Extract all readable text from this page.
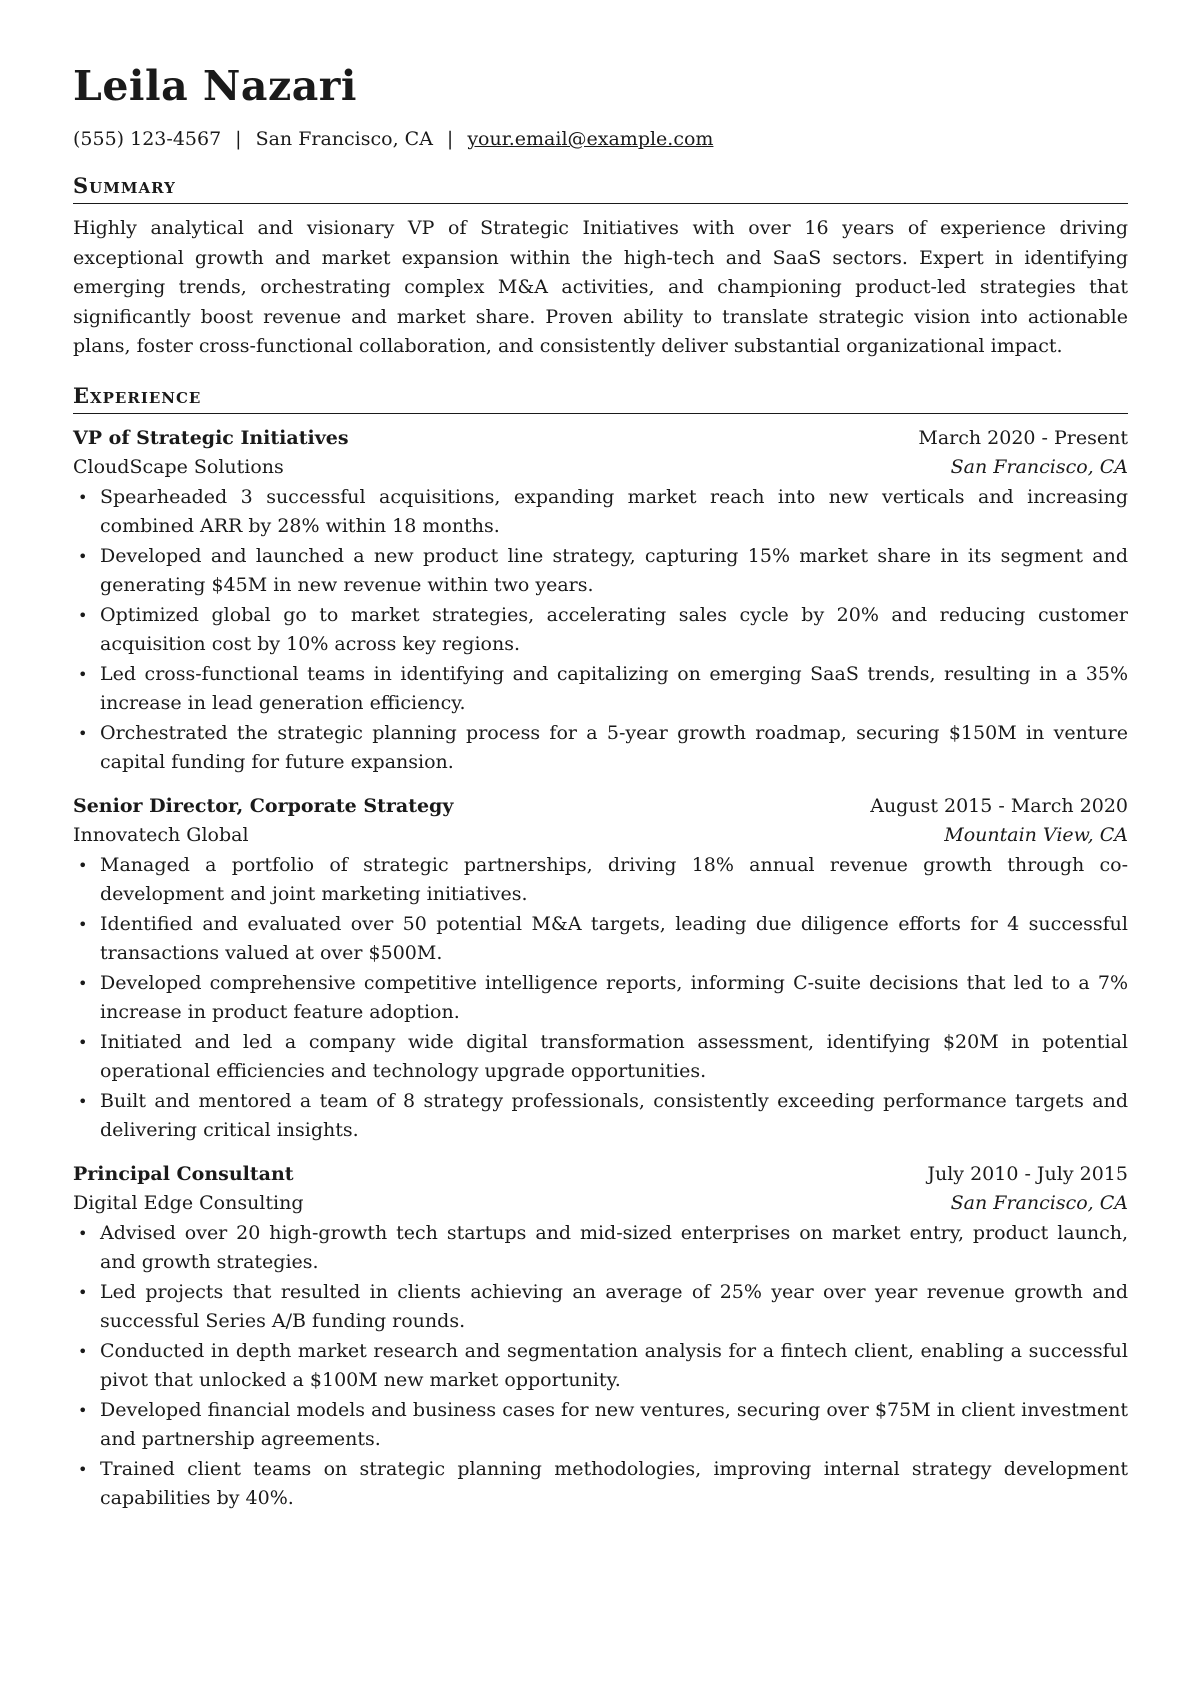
Leila Nazari
(555) 123-4567 | San Francisco, CA | your.email@example.com
Summary

Highly analytical and visionary VP of Strategic Initiatives with over 16 years of experience driving exceptional growth and market expansion within the high-tech and SaaS sectors. Expert in identifying emerging trends, orchestrating complex M&A activities, and championing product-led strategies that significantly boost revenue and market share. Proven ability to translate strategic vision into actionable plans, foster cross-functional collaboration, and consistently deliver substantial organizational impact.

Experience
VP of Strategic Initiatives	March 2020 - Present
CloudScape Solutions	San Francisco, CA
• Spearheaded 3 successful acquisitions, expanding market reach into new verticals and increasing combined ARR by 28% within 18 months.
• Developed and launched a new product line strategy, capturing 15% market share in its segment and generating $45M in new revenue within two years.
• Optimized global go to market strategies, accelerating sales cycle by 20% and reducing customer acquisition cost by 10% across key regions.
• Led cross-functional teams in identifying and capitalizing on emerging SaaS trends, resulting in a 35% increase in lead generation efficiency.
• Orchestrated the strategic planning process for a 5-year growth roadmap, securing $150M in venture capital funding for future expansion.
Senior Director, Corporate Strategy	August 2015 - March 2020
Innovatech Global	Mountain View, CA
• Managed a portfolio of strategic partnerships, driving 18% annual revenue growth through co-development and joint marketing initiatives.
• Identified and evaluated over 50 potential M&A targets, leading due diligence efforts for 4 successful transactions valued at over $500M.
• Developed comprehensive competitive intelligence reports, informing C-suite decisions that led to a 7% increase in product feature adoption.
• Initiated and led a company wide digital transformation assessment, identifying $20M in potential operational efficiencies and technology upgrade opportunities.
• Built and mentored a team of 8 strategy professionals, consistently exceeding performance targets and delivering critical insights.
Principal Consultant	July 2010 - July 2015
Digital Edge Consulting	San Francisco, CA
• Advised over 20 high-growth tech startups and mid-sized enterprises on market entry, product launch, and growth strategies.
• Led projects that resulted in clients achieving an average of 25% year over year revenue growth and successful Series A/B funding rounds.
• Conducted in depth market research and segmentation analysis for a fintech client, enabling a successful pivot that unlocked a $100M new market opportunity.
• Developed financial models and business cases for new ventures, securing over $75M in client investment and partnership agreements.
• Trained client teams on strategic planning methodologies, improving internal strategy development capabilities by 40%.
